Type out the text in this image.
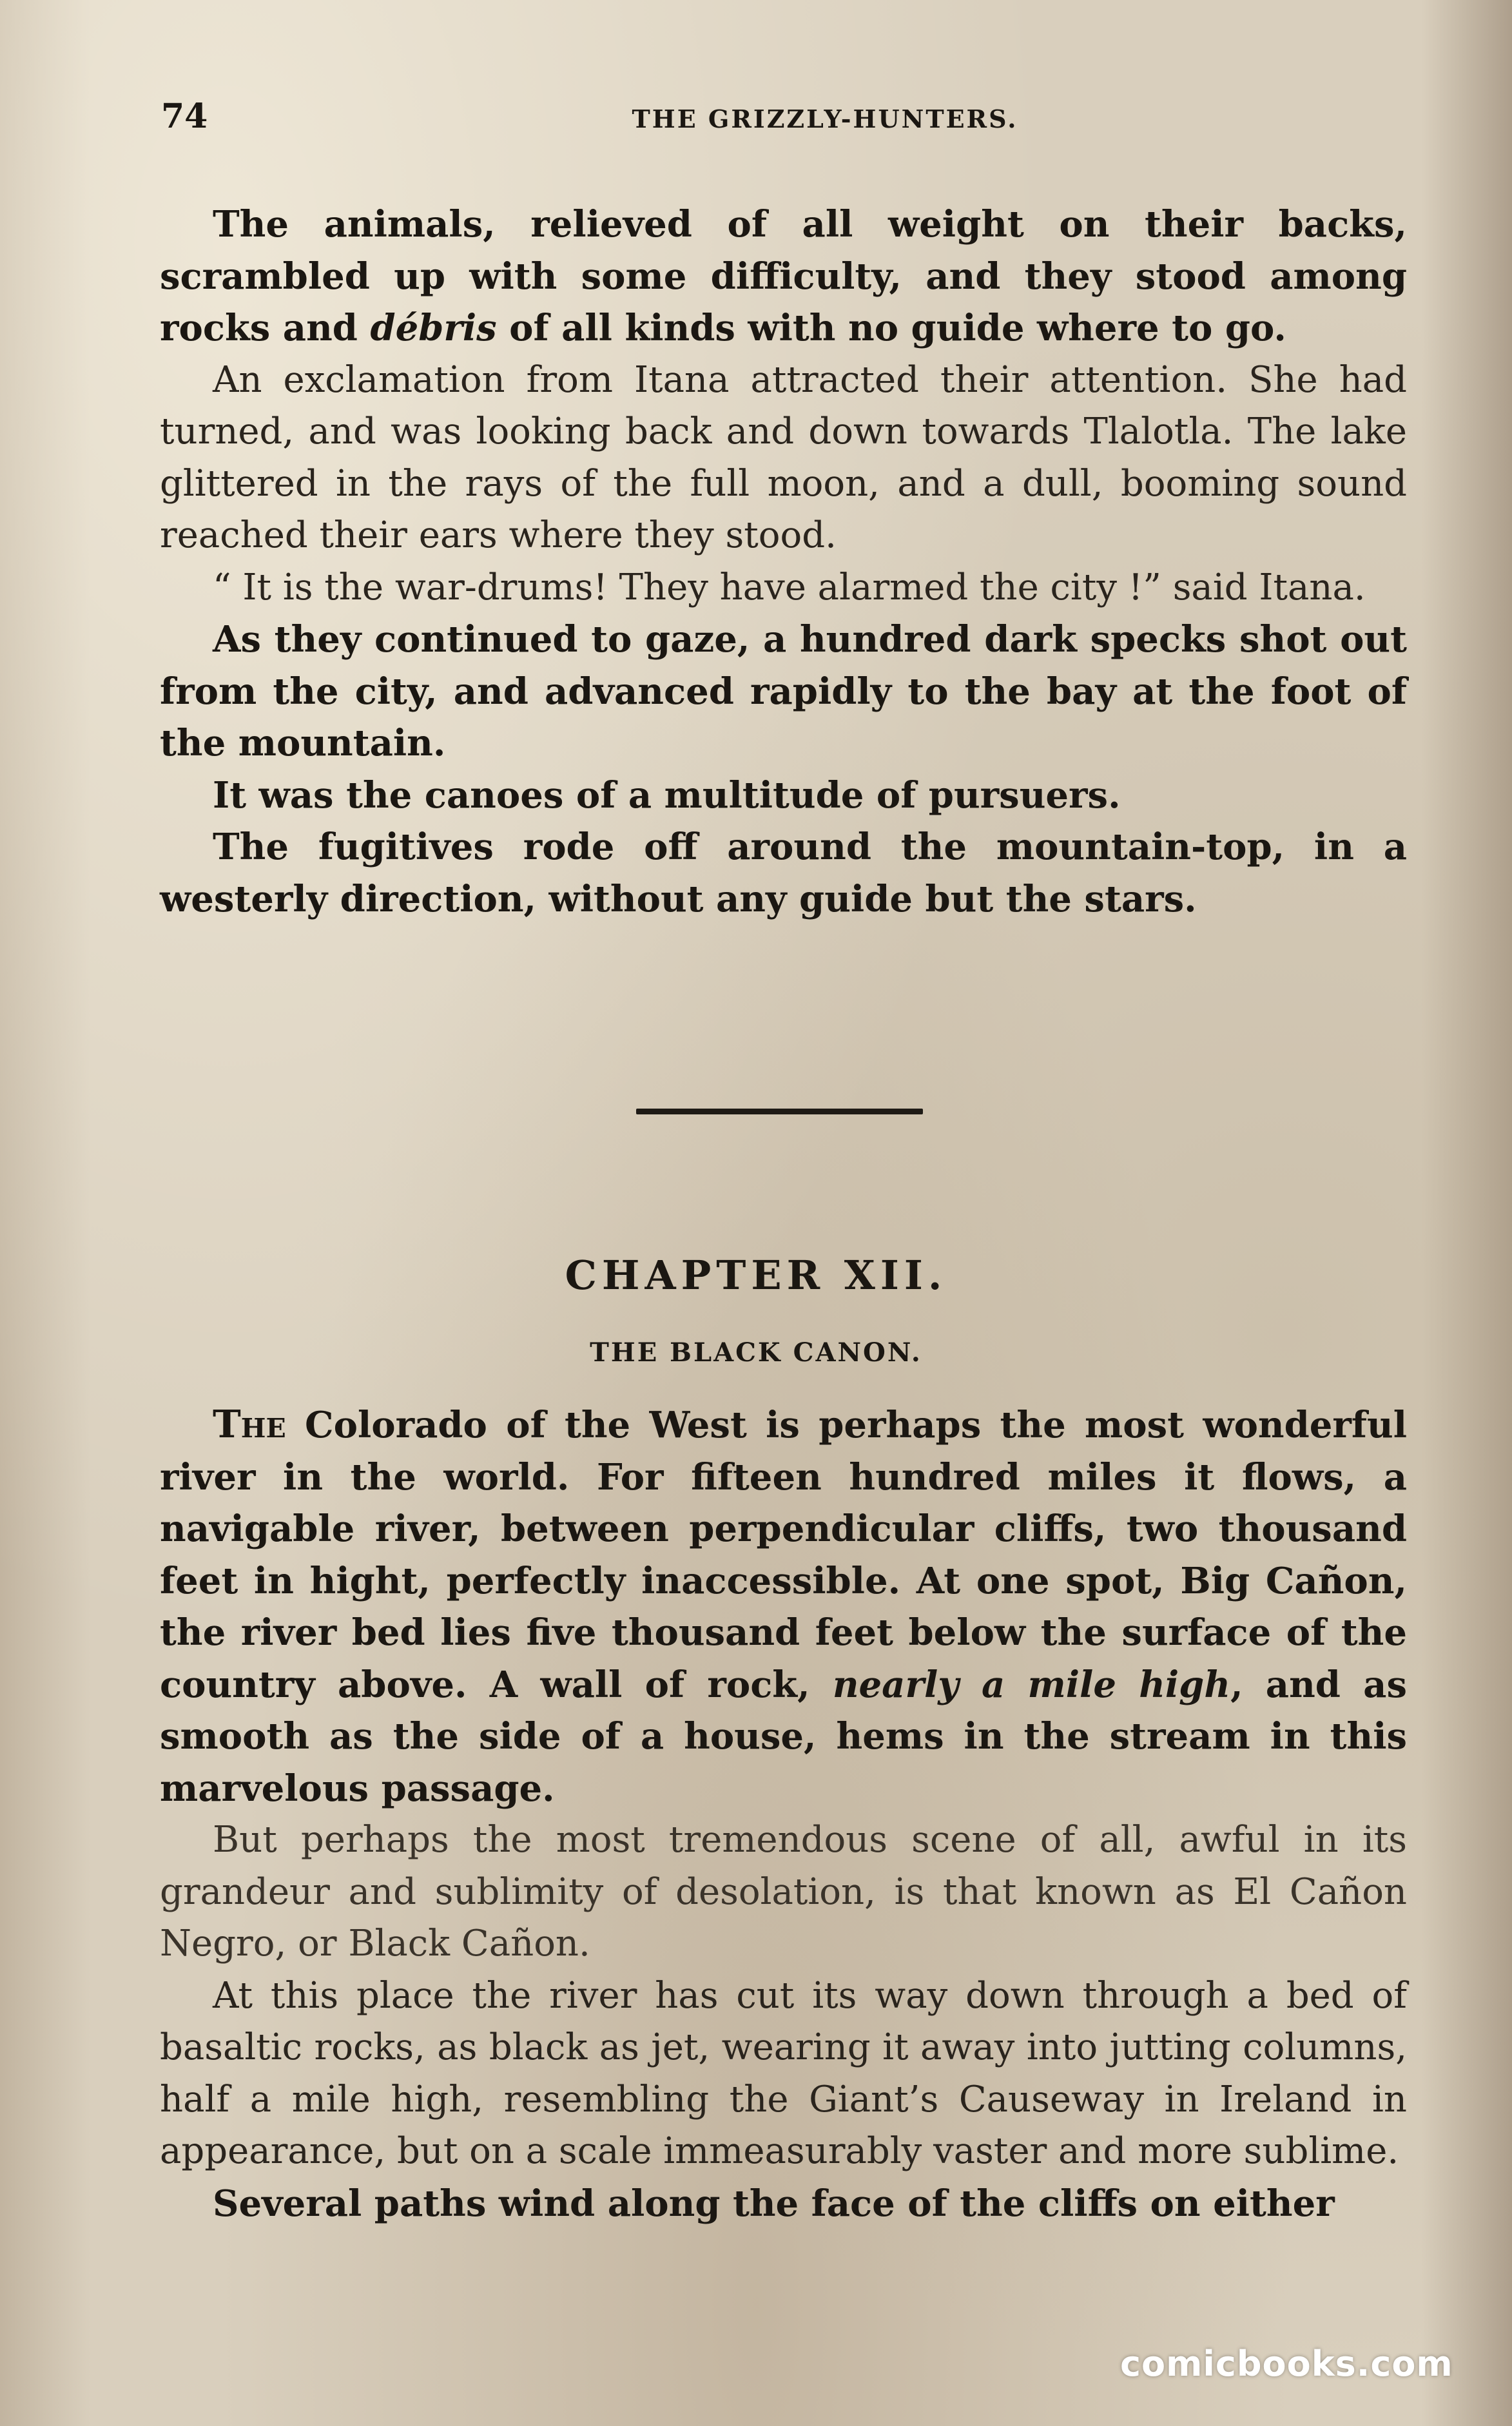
74	THE GRIZZLY-HUNTERS.

The animals, relieved of all weight on their backs, scrambled up with some difficulty, and they stood among rocks and débris of all kinds with no guide where to go.

An exclamation from Itana attracted their attention. She had turned, and was looking back and down towards Tlalotla. The lake glittered in the rays of the full moon, and a dull, booming sound reached their ears where they stood.

“ It is the war-drums! They have alarmed the city !” said Itana.

As they continued to gaze, a hundred dark specks shot out from the city, and advanced rapidly to the bay at the foot of the mountain.

It was the canoes of a multitude of pursuers.

The fugitives rode off around the mountain-top, in a westerly direction, without any guide but the stars.

CHAPTER XII.
THE BLACK CANON.

The Colorado of the West is perhaps the most wonderful river in the world. For fifteen hundred miles it flows, a navigable river, between perpendicular cliffs, two thousand feet in hight, perfectly inaccessible. At one spot, Big Cañon, the river bed lies five thousand feet below the surface of the country above. A wall of rock, nearly a mile high, and as smooth as the side of a house, hems in the stream in this marvelous passage.

But perhaps the most tremendous scene of all, awful in its grandeur and sublimity of desolation, is that known as El Cañon Negro, or Black Cañon.

At this place the river has cut its way down through a bed of basaltic rocks, as black as jet, wearing it away into jutting columns, half a mile high, resembling the Giant’s Causeway in Ireland in appearance, but on a scale immeasurably vaster and more sublime.

Several paths wind along the face of the cliffs on either

comicbooks.com
